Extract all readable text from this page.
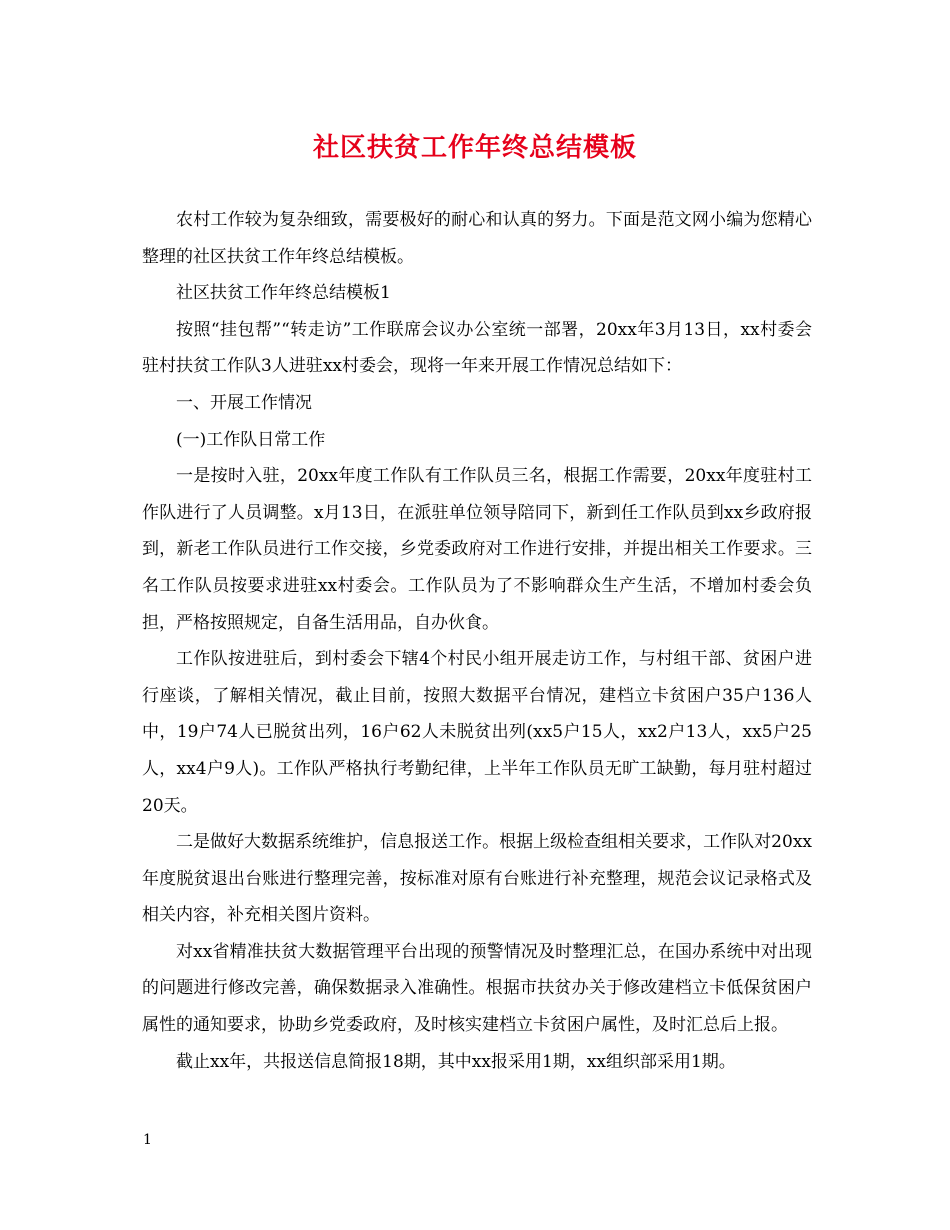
社区扶贫工作年终总结模板

农村工作较为复杂细致，需要极好的耐心和认真的努力。下面是范文网小编为您精心整理的社区扶贫工作年终总结模板。

社区扶贫工作年终总结模板1

按照“挂包帮”“转走访”工作联席会议办公室统一部署，20xx年3月13日，xx村委会驻村扶贫工作队3人进驻xx村委会，现将一年来开展工作情况总结如下：

一、开展工作情况

(一)工作队日常工作

一是按时入驻，20xx年度工作队有工作队员三名，根据工作需要，20xx年度驻村工作队进行了人员调整。x月13日，在派驻单位领导陪同下，新到任工作队员到xx乡政府报到，新老工作队员进行工作交接，乡党委政府对工作进行安排，并提出相关工作要求。三名工作队员按要求进驻xx村委会。工作队员为了不影响群众生产生活，不增加村委会负担，严格按照规定，自备生活用品，自办伙食。

工作队按进驻后，到村委会下辖4个村民小组开展走访工作，与村组干部、贫困户进行座谈，了解相关情况，截止目前，按照大数据平台情况，建档立卡贫困户35户136人中，19户74人已脱贫出列，16户62人未脱贫出列(xx5户15人，xx2户13人，xx5户25人，xx4户9人)。工作队严格执行考勤纪律，上半年工作队员无旷工缺勤，每月驻村超过20天。

二是做好大数据系统维护，信息报送工作。根据上级检查组相关要求，工作队对20xx年度脱贫退出台账进行整理完善，按标准对原有台账进行补充整理，规范会议记录格式及相关内容，补充相关图片资料。

对xx省精准扶贫大数据管理平台出现的预警情况及时整理汇总，在国办系统中对出现的问题进行修改完善，确保数据录入准确性。根据市扶贫办关于修改建档立卡低保贫困户属性的通知要求，协助乡党委政府，及时核实建档立卡贫困户属性，及时汇总后上报。

截止xx年，共报送信息简报18期，其中xx报采用1期，xx组织部采用1期。

1
